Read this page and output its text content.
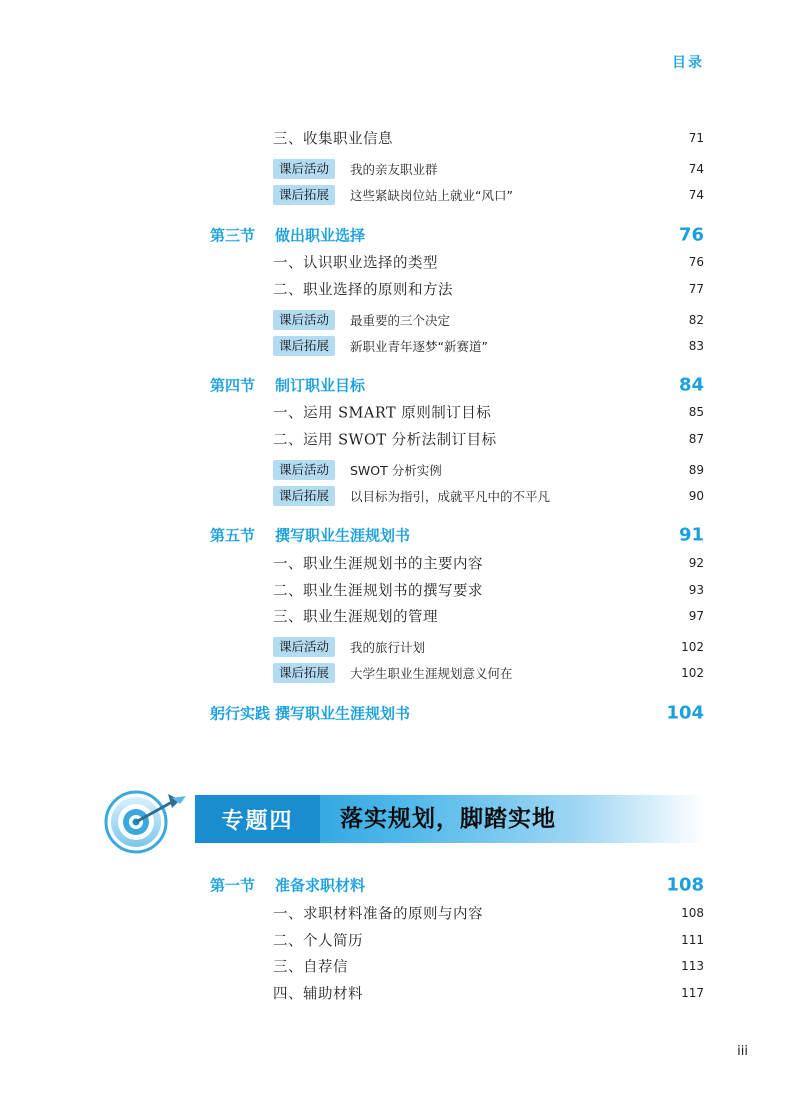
目录
三、收集职业信息	71
课后活动	我的亲友职业群	74
课后拓展	这些紧缺岗位站上就业“风口”	74
第三节 做出职业选择	76
一、认识职业选择的类型	76
二、职业选择的原则和方法	77
课后活动	最重要的三个决定	82
课后拓展	新职业青年逐梦“新赛道”	83
第四节 制订职业目标	84
一、运用 SMART 原则制订目标	85
二、运用 SWOT 分析法制订目标	87
课后活动	SWOT 分析实例	89
课后拓展	以目标为指引，成就平凡中的不平凡	90
第五节 撰写职业生涯规划书	91
一、职业生涯规划书的主要内容	92
二、职业生涯规划书的撰写要求	93
三、职业生涯规划的管理	97
课后活动	我的旅行计划	102
课后拓展	大学生职业生涯规划意义何在	102
躬行实践 撰写职业生涯规划书	104
专题四	落实规划，脚踏实地
第一节 准备求职材料	108
一、求职材料准备的原则与内容	108
二、个人简历	111
三、自荐信	113
四、辅助材料	117
iii
